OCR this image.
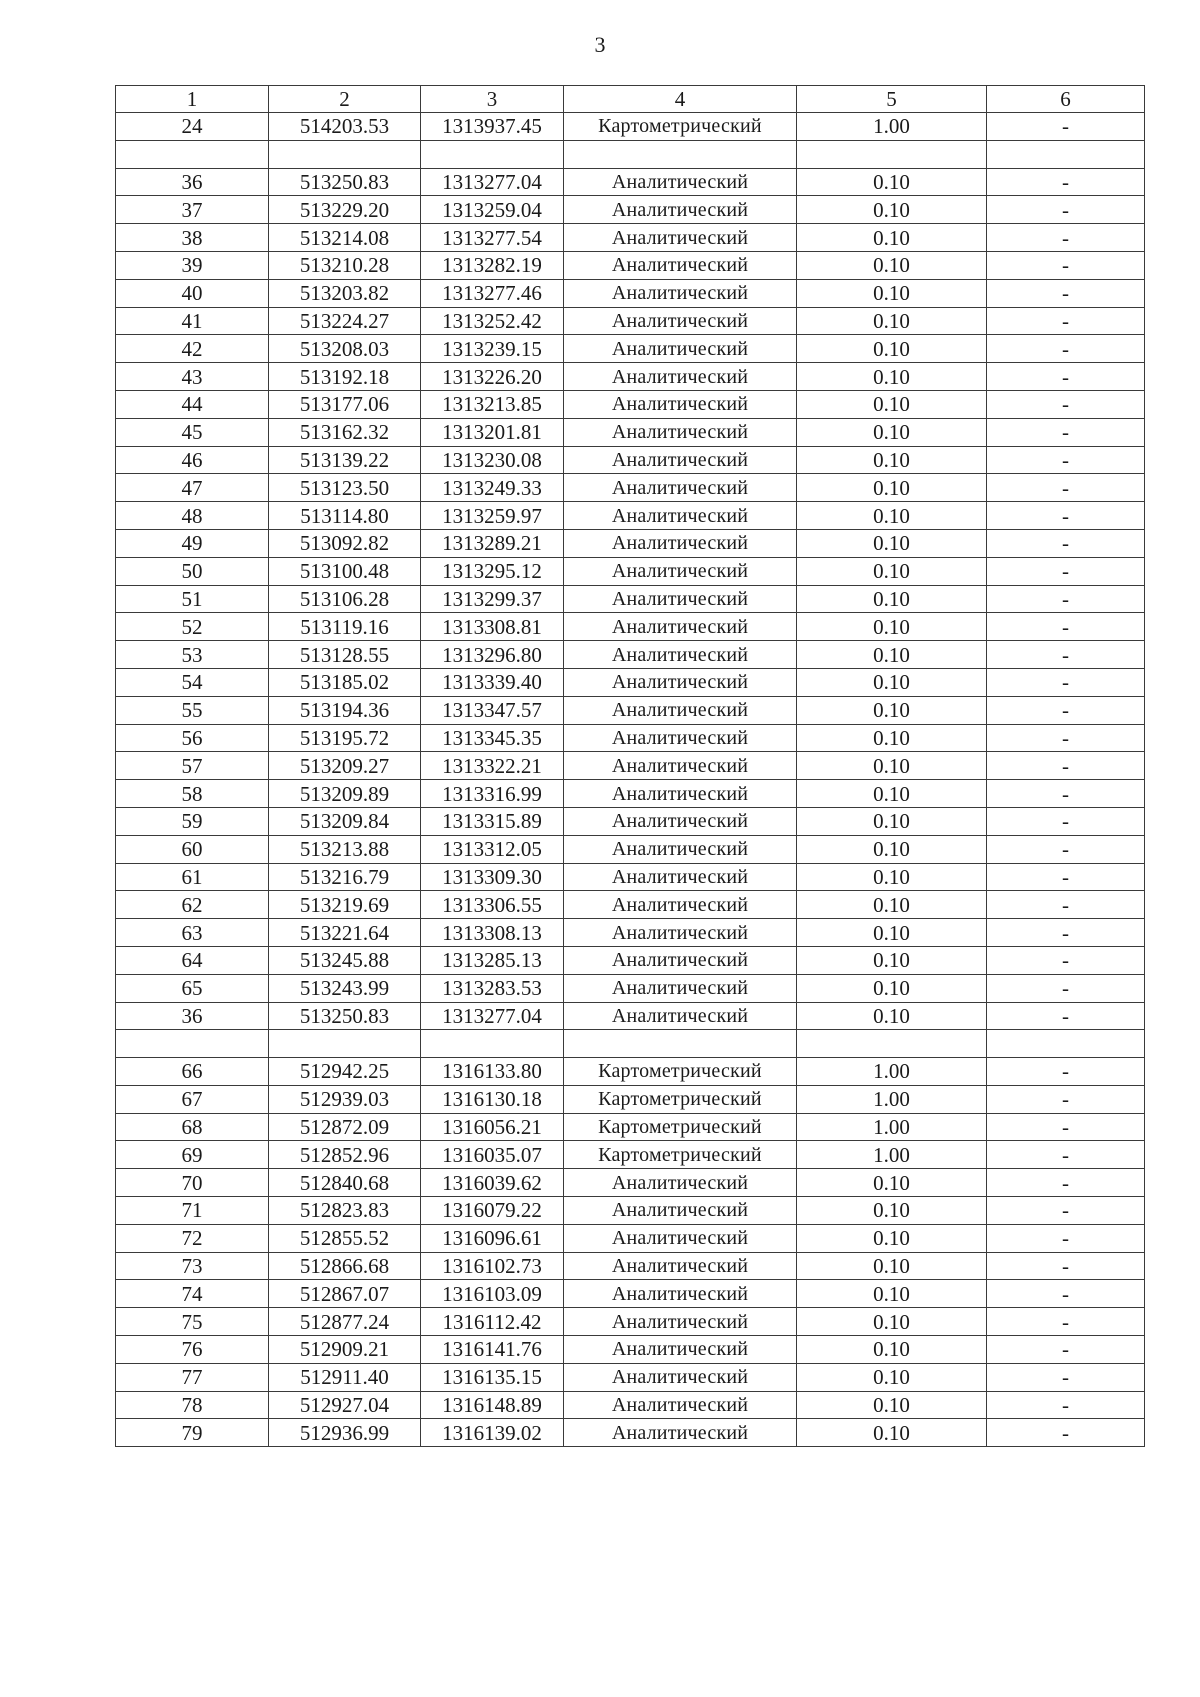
3
1	2	3	4	5	6
24	514203.53	1313937.45	Картометрический	1.00	-

36	513250.83	1313277.04	Аналитический	0.10	-
37	513229.20	1313259.04	Аналитический	0.10	-
38	513214.08	1313277.54	Аналитический	0.10	-
39	513210.28	1313282.19	Аналитический	0.10	-
40	513203.82	1313277.46	Аналитический	0.10	-
41	513224.27	1313252.42	Аналитический	0.10	-
42	513208.03	1313239.15	Аналитический	0.10	-
43	513192.18	1313226.20	Аналитический	0.10	-
44	513177.06	1313213.85	Аналитический	0.10	-
45	513162.32	1313201.81	Аналитический	0.10	-
46	513139.22	1313230.08	Аналитический	0.10	-
47	513123.50	1313249.33	Аналитический	0.10	-
48	513114.80	1313259.97	Аналитический	0.10	-
49	513092.82	1313289.21	Аналитический	0.10	-
50	513100.48	1313295.12	Аналитический	0.10	-
51	513106.28	1313299.37	Аналитический	0.10	-
52	513119.16	1313308.81	Аналитический	0.10	-
53	513128.55	1313296.80	Аналитический	0.10	-
54	513185.02	1313339.40	Аналитический	0.10	-
55	513194.36	1313347.57	Аналитический	0.10	-
56	513195.72	1313345.35	Аналитический	0.10	-
57	513209.27	1313322.21	Аналитический	0.10	-
58	513209.89	1313316.99	Аналитический	0.10	-
59	513209.84	1313315.89	Аналитический	0.10	-
60	513213.88	1313312.05	Аналитический	0.10	-
61	513216.79	1313309.30	Аналитический	0.10	-
62	513219.69	1313306.55	Аналитический	0.10	-
63	513221.64	1313308.13	Аналитический	0.10	-
64	513245.88	1313285.13	Аналитический	0.10	-
65	513243.99	1313283.53	Аналитический	0.10	-
36	513250.83	1313277.04	Аналитический	0.10	-

66	512942.25	1316133.80	Картометрический	1.00	-
67	512939.03	1316130.18	Картометрический	1.00	-
68	512872.09	1316056.21	Картометрический	1.00	-
69	512852.96	1316035.07	Картометрический	1.00	-
70	512840.68	1316039.62	Аналитический	0.10	-
71	512823.83	1316079.22	Аналитический	0.10	-
72	512855.52	1316096.61	Аналитический	0.10	-
73	512866.68	1316102.73	Аналитический	0.10	-
74	512867.07	1316103.09	Аналитический	0.10	-
75	512877.24	1316112.42	Аналитический	0.10	-
76	512909.21	1316141.76	Аналитический	0.10	-
77	512911.40	1316135.15	Аналитический	0.10	-
78	512927.04	1316148.89	Аналитический	0.10	-
79	512936.99	1316139.02	Аналитический	0.10	-
